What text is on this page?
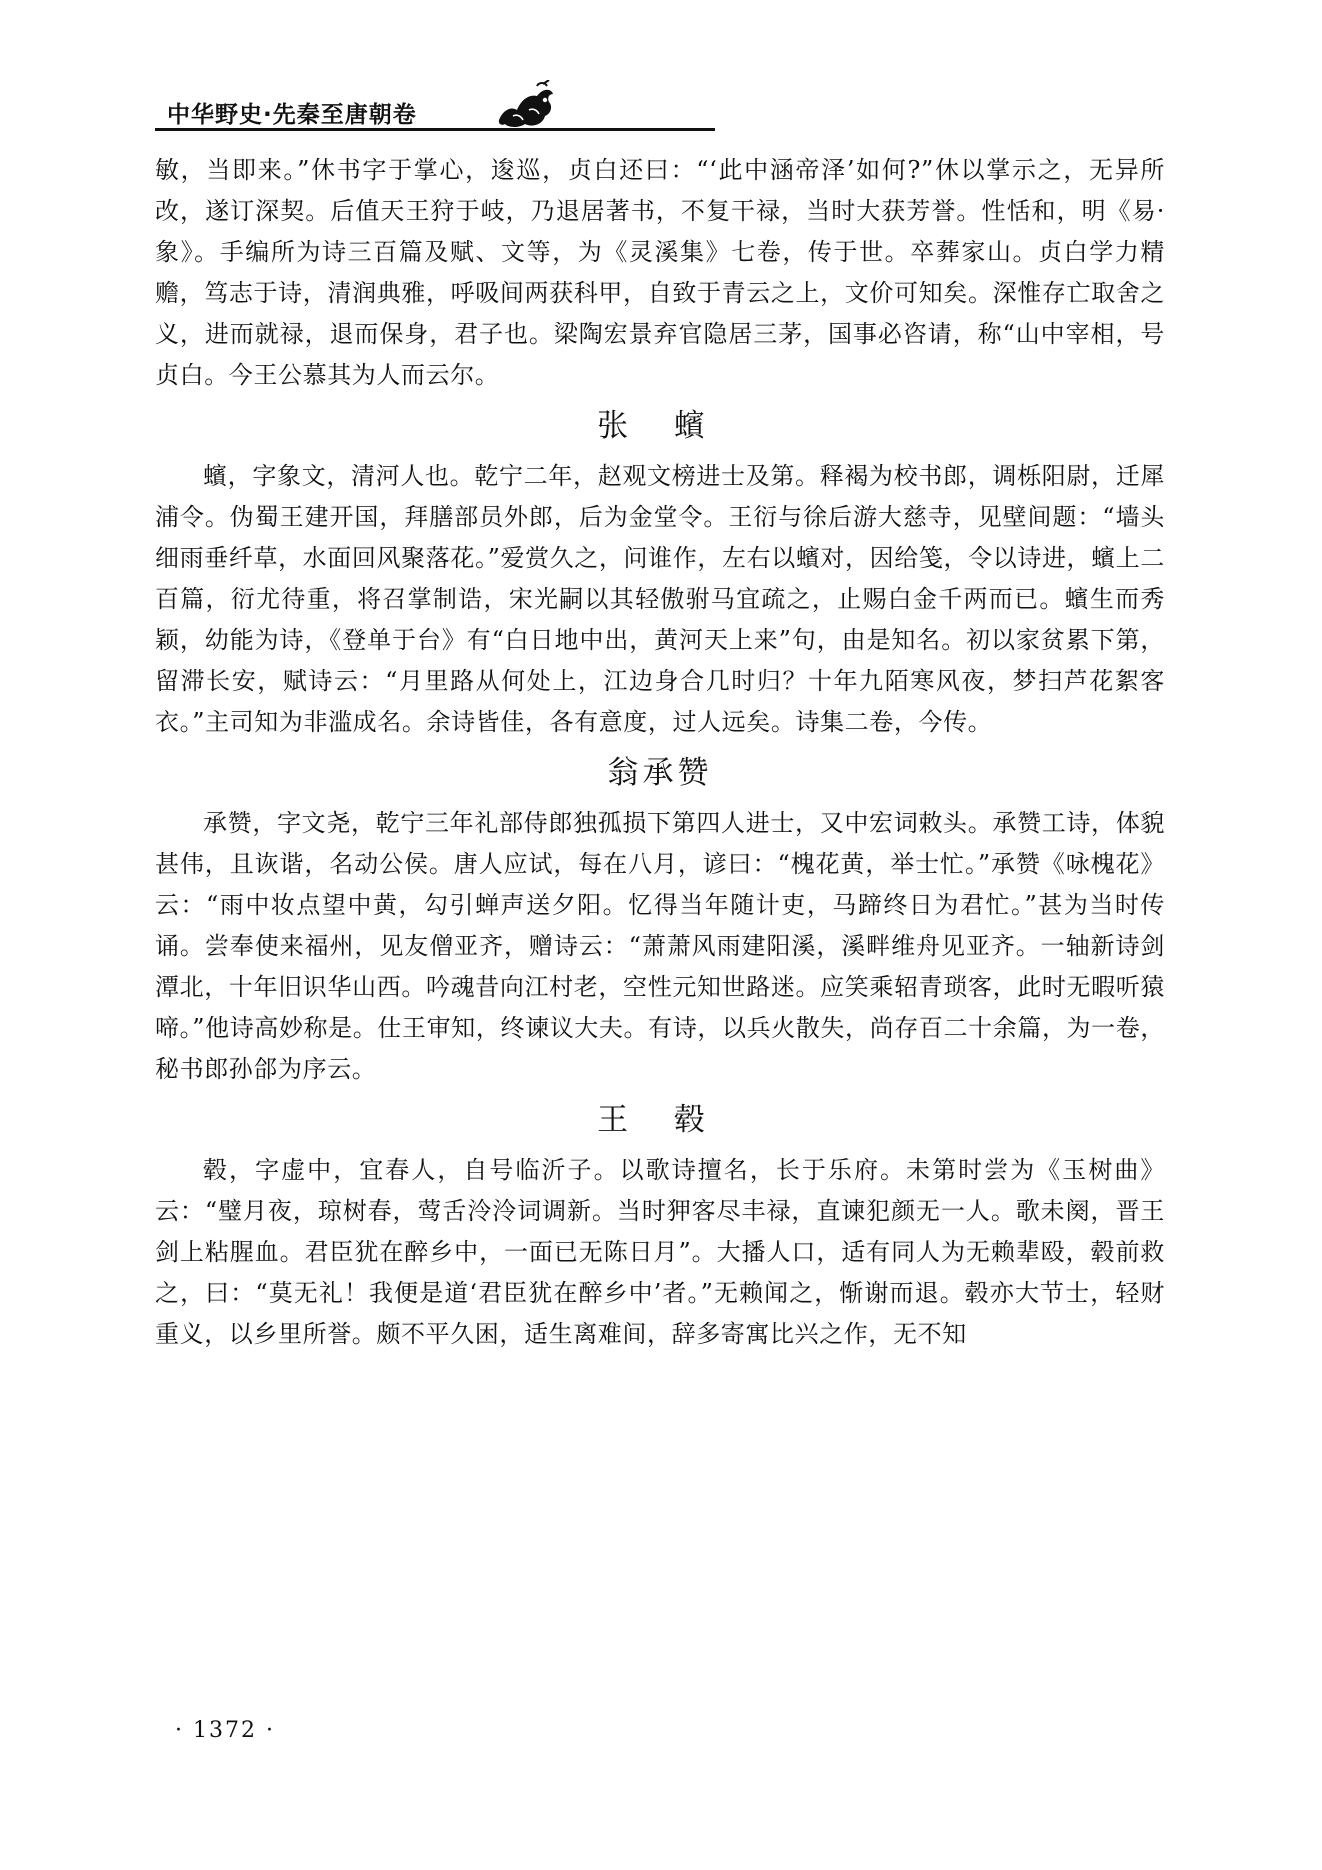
中华野史·先秦至唐朝卷

敏，当即来。”休书字于掌心，逡巡，贞白还曰：“‘此中涵帝泽’如何?”休以掌示之，无异所改，遂订深契。后值天王狩于岐，乃退居著书，不复干禄，当时大获芳誉。性恬和，明《易·象》。手编所为诗三百篇及赋、文等，为《灵溪集》七卷，传于世。卒葬家山。贞白学力精赡，笃志于诗，清润典雅，呼吸间两获科甲，自致于青云之上，文价可知矣。深惟存亡取舍之义，进而就禄，退而保身，君子也。梁陶宏景弃官隐居三茅，国事必咨请，称“山中宰相，号贞白。今王公慕其为人而云尔。

张 蠙

蠙，字象文，清河人也。乾宁二年，赵观文榜进士及第。释褐为校书郎，调栎阳尉，迁犀浦令。伪蜀王建开国，拜膳部员外郎，后为金堂令。王衍与徐后游大慈寺，见壁间题：“墙头细雨垂纤草，水面回风聚落花。”爱赏久之，问谁作，左右以蠙对，因给笺，令以诗进，蠙上二百篇，衍尤待重，将召掌制诰，宋光嗣以其轻傲驸马宜疏之，止赐白金千两而已。蠙生而秀颖，幼能为诗，《登单于台》有“白日地中出，黄河天上来”句，由是知名。初以家贫累下第，留滞长安，赋诗云：“月里路从何处上，江边身合几时归？十年九陌寒风夜，梦扫芦花絮客衣。”主司知为非滥成名。余诗皆佳，各有意度，过人远矣。诗集二卷，今传。

翁承赞

承赞，字文尧，乾宁三年礼部侍郎独孤损下第四人进士，又中宏词敕头。承赞工诗，体貌甚伟，且诙谐，名动公侯。唐人应试，每在八月，谚曰：“槐花黄，举士忙。”承赞《咏槐花》云：“雨中妆点望中黄，勾引蝉声送夕阳。忆得当年随计吏，马蹄终日为君忙。”甚为当时传诵。尝奉使来福州，见友僧亚齐，赠诗云：“萧萧风雨建阳溪，溪畔维舟见亚齐。一轴新诗剑潭北，十年旧识华山西。吟魂昔向江村老，空性元知世路迷。应笑乘轺青琐客，此时无暇听猿啼。”他诗高妙称是。仕王审知，终谏议大夫。有诗，以兵火散失，尚存百二十余篇，为一卷，秘书郎孙郃为序云。

王 毂

毂，字虚中，宜春人，自号临沂子。以歌诗擅名，长于乐府。未第时尝为《玉树曲》云：“璧月夜，琼树春，莺舌泠泠词调新。当时狎客尽丰禄，直谏犯颜无一人。歌未阕，晋王剑上粘腥血。君臣犹在醉乡中，一面已无陈日月”。大播人口，适有同人为无赖辈殴，毂前救之，曰：“莫无礼！我便是道‘君臣犹在醉乡中’者。”无赖闻之，惭谢而退。毂亦大节士，轻财重义，以乡里所誉。颇不平久困，适生离难间，辞多寄寓比兴之作，无不知

· 1372 ·
